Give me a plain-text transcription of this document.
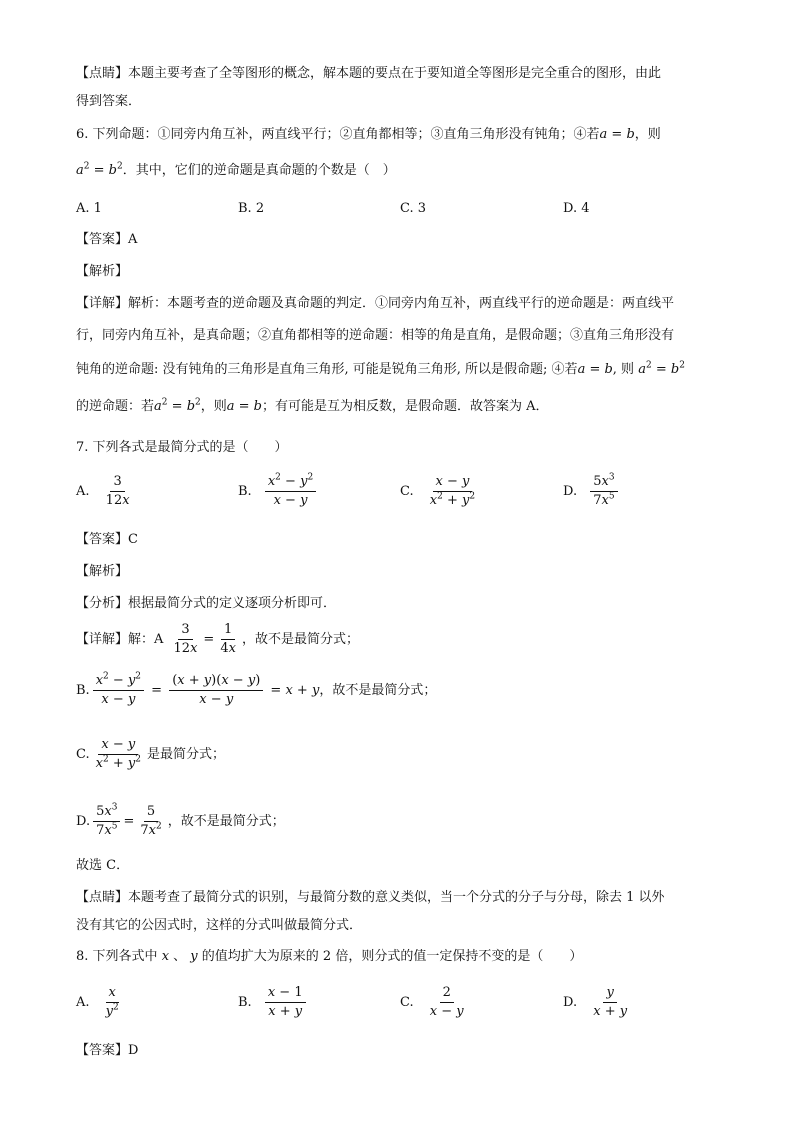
【点睛】本题主要考查了全等图形的概念，解本题的要点在于要知道全等图形是完全重合的图形，由此
得到答案．
6. 下列命题：①同旁内角互补，两直线平行；②直角都相等；③直角三角形没有钝角；④若a = b，则
$a^2 = b^2$．其中，它们的逆命题是真命题的个数是（　）
A. 1	B. 2	C. 3	D. 4
【答案】A
【解析】
【详解】解析：本题考查的逆命题及真命题的判定．①同旁内角互补，两直线平行的逆命题是：两直线平
行，同旁内角互补，是真命题；②直角都相等的逆命题：相等的角是直角，是假命题；③直角三角形没有
钝角的逆命题: 没有钝角的三角形是直角三角形, 可能是锐角三角形, 所以是假命题; ④若a = b, 则 $a^2 = b^2$
的逆命题：若$a^2 = b^2$，则a = b；有可能是互为相反数，是假命题．故答案为 A．
7. 下列各式是最简分式的是（　　）
A. $\frac{3}{12x}$	B. $\frac{x^2 - y^2}{x - y}$	C. $\frac{x - y}{x^2 + y^2}$	D. $\frac{5x^3}{7x^5}$
【答案】C
【解析】
【分析】根据最简分式的定义逐项分析即可．
【详解】解：A $\frac{3}{12x} = \frac{1}{4x}$ ，故不是最简分式；
B. $\frac{x^2 - y^2}{x - y} = \frac{(x + y)(x - y)}{x - y} = x + y$，故不是最简分式；
C. $\frac{x - y}{x^2 + y^2}$ 是最简分式；
D. $\frac{5x^3}{7x^5} = \frac{5}{7x^2}$ ，故不是最简分式；
故选 C．
【点睛】本题考查了最简分式的识别，与最简分数的意义类似，当一个分式的分子与分母，除去 1 以外
没有其它的公因式时，这样的分式叫做最简分式．
8. 下列各式中 x 、 y 的值均扩大为原来的 2 倍，则分式的值一定保持不变的是（　　）
A. $\frac{x}{y^2}$	B. $\frac{x - 1}{x + y}$	C. $\frac{2}{x - y}$	D. $\frac{y}{x + y}$
【答案】D
